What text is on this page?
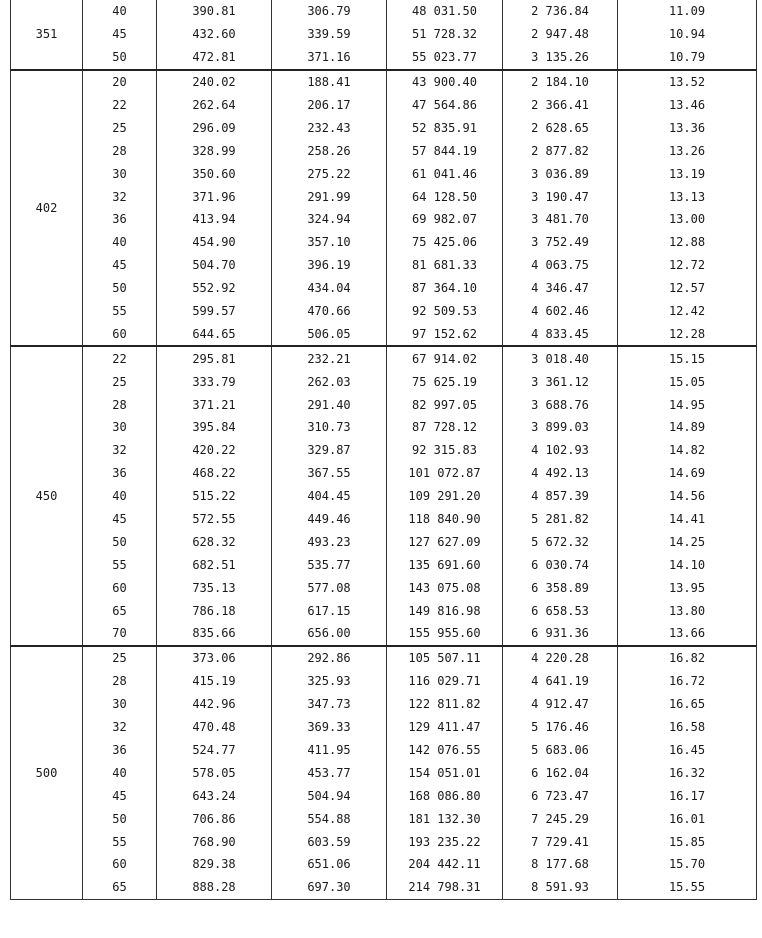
351	40	390.81	306.79	48 031.50	2 736.84	11.09
	45	432.60	339.59	51 728.32	2 947.48	10.94
	50	472.81	371.16	55 023.77	3 135.26	10.79
402	20	240.02	188.41	43 900.40	2 184.10	13.52
	22	262.64	206.17	47 564.86	2 366.41	13.46
	25	296.09	232.43	52 835.91	2 628.65	13.36
	28	328.99	258.26	57 844.19	2 877.82	13.26
	30	350.60	275.22	61 041.46	3 036.89	13.19
	32	371.96	291.99	64 128.50	3 190.47	13.13
	36	413.94	324.94	69 982.07	3 481.70	13.00
	40	454.90	357.10	75 425.06	3 752.49	12.88
	45	504.70	396.19	81 681.33	4 063.75	12.72
	50	552.92	434.04	87 364.10	4 346.47	12.57
	55	599.57	470.66	92 509.53	4 602.46	12.42
	60	644.65	506.05	97 152.62	4 833.45	12.28
450	22	295.81	232.21	67 914.02	3 018.40	15.15
	25	333.79	262.03	75 625.19	3 361.12	15.05
	28	371.21	291.40	82 997.05	3 688.76	14.95
	30	395.84	310.73	87 728.12	3 899.03	14.89
	32	420.22	329.87	92 315.83	4 102.93	14.82
	36	468.22	367.55	101 072.87	4 492.13	14.69
	40	515.22	404.45	109 291.20	4 857.39	14.56
	45	572.55	449.46	118 840.90	5 281.82	14.41
	50	628.32	493.23	127 627.09	5 672.32	14.25
	55	682.51	535.77	135 691.60	6 030.74	14.10
	60	735.13	577.08	143 075.08	6 358.89	13.95
	65	786.18	617.15	149 816.98	6 658.53	13.80
	70	835.66	656.00	155 955.60	6 931.36	13.66
500	25	373.06	292.86	105 507.11	4 220.28	16.82
	28	415.19	325.93	116 029.71	4 641.19	16.72
	30	442.96	347.73	122 811.82	4 912.47	16.65
	32	470.48	369.33	129 411.47	5 176.46	16.58
	36	524.77	411.95	142 076.55	5 683.06	16.45
	40	578.05	453.77	154 051.01	6 162.04	16.32
	45	643.24	504.94	168 086.80	6 723.47	16.17
	50	706.86	554.88	181 132.30	7 245.29	16.01
	55	768.90	603.59	193 235.22	7 729.41	15.85
	60	829.38	651.06	204 442.11	8 177.68	15.70
	65	888.28	697.30	214 798.31	8 591.93	15.55
